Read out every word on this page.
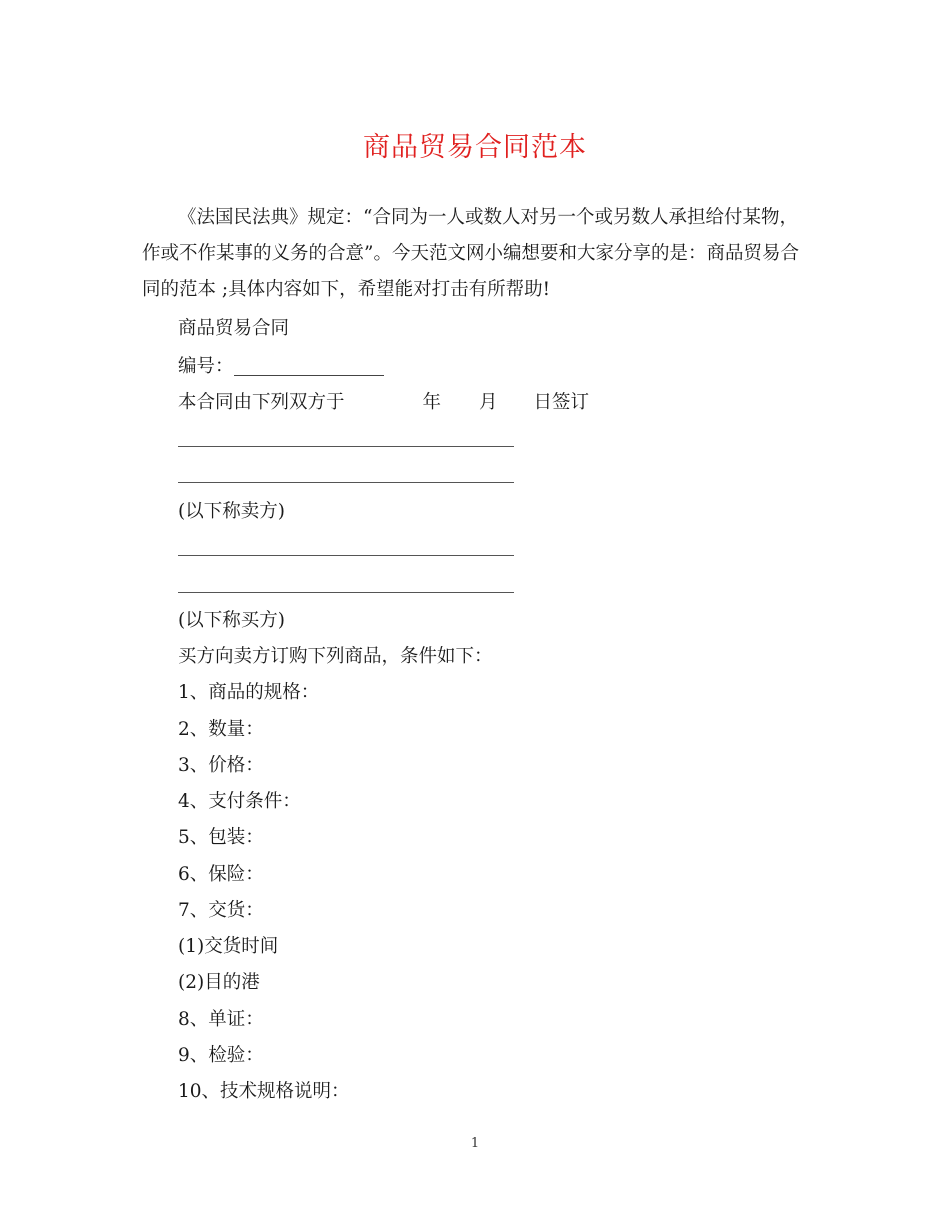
商品贸易合同范本

《法国民法典》规定：“合同为一人或数人对另一个或另数人承担给付某物，作或不作某事的义务的合意”。今天范文网小编想要和大家分享的是：商品贸易合同的范本 ;具体内容如下，希望能对打击有所帮助!

商品贸易合同

编号：

本合同由下列双方于	年 月 日签订

(以下称卖方)

(以下称买方)

买方向卖方订购下列商品，条件如下：

1、商品的规格：

2、数量：

3、价格：

4、支付条件：

5、包装：

6、保险：

7、交货：

(1)交货时间

(2)目的港

8、单证：

9、检验：

10、技术规格说明：

1
